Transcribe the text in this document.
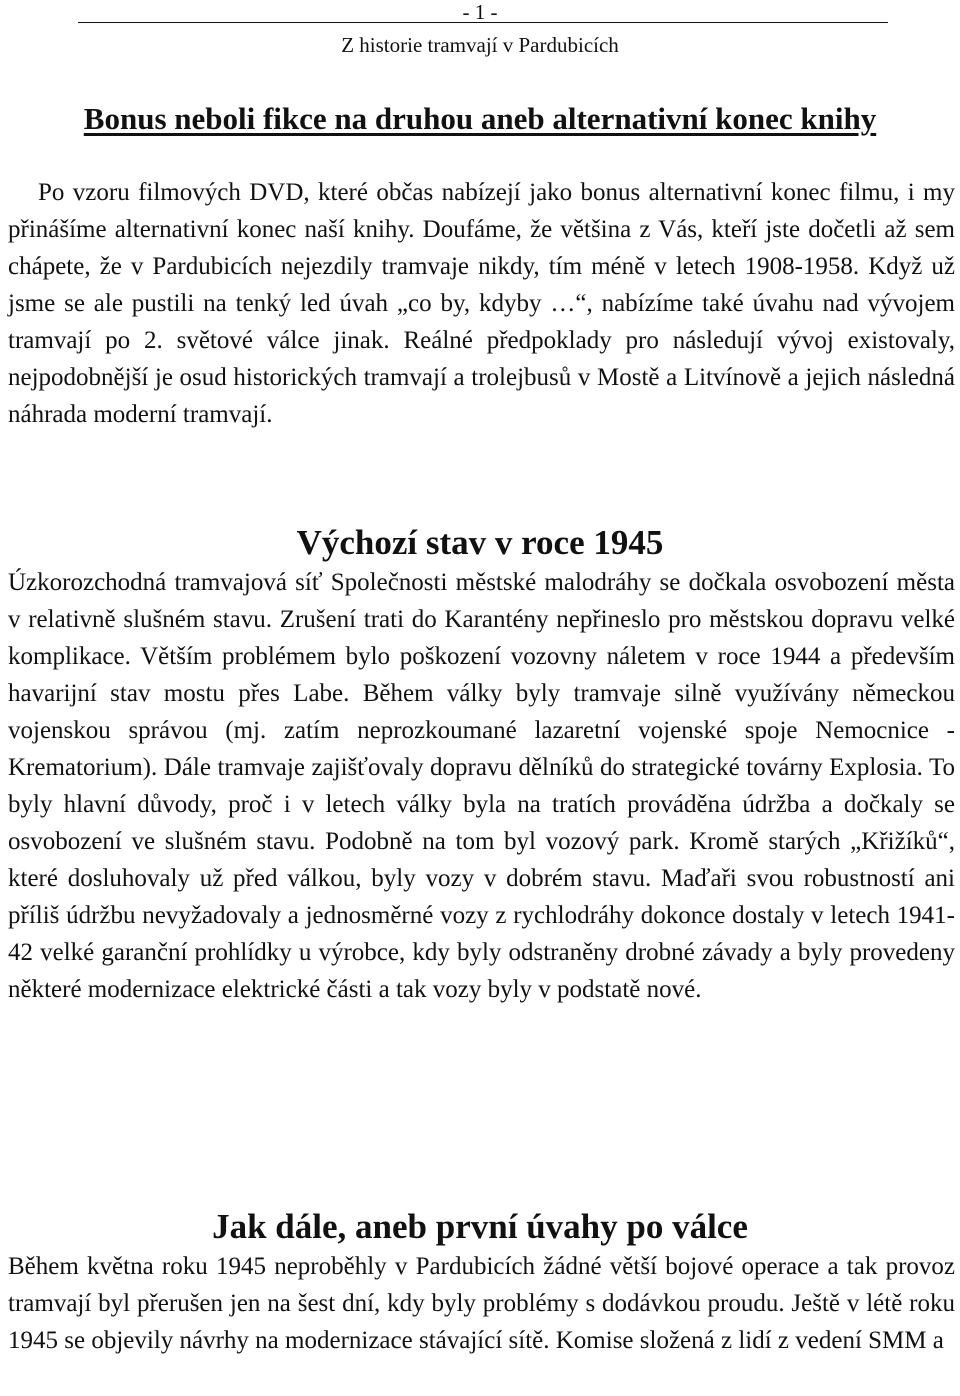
- 1 -
Z historie tramvají v Pardubicích
Bonus neboli fikce na druhou aneb alternativní konec knihy

Po vzoru filmových DVD, které občas nabízejí jako bonus alternativní konec filmu, i my přinášíme alternativní konec naší knihy. Doufáme, že většina z Vás, kteří jste dočetli až sem chápete, že v Pardubicích nejezdily tramvaje nikdy, tím méně v letech 1908-1958. Když už jsme se ale pustili na tenký led úvah „co by, kdyby …“, nabízíme také úvahu nad vývojem tramvají po 2. světové válce jinak. Reálné předpoklady pro následují vývoj existovaly, nejpodobnější je osud historických tramvají a trolejbusů v Mostě a Litvínově a jejich následná náhrada moderní tramvají.

Výchozí stav v roce 1945

Úzkorozchodná tramvajová síť Společnosti městské malodráhy se dočkala osvobození města v relativně slušném stavu. Zrušení trati do Karantény nepřineslo pro městskou dopravu velké komplikace. Větším problémem bylo poškození vozovny náletem v roce 1944 a především havarijní stav mostu přes Labe. Během války byly tramvaje silně využívány německou vojenskou správou (mj. zatím neprozkoumané lazaretní vojenské spoje Nemocnice - Krematorium). Dále tramvaje zajišťovaly dopravu dělníků do strategické továrny Explosia. To byly hlavní důvody, proč i v letech války byla na tratích prováděna údržba a dočkaly se osvobození ve slušném stavu. Podobně na tom byl vozový park. Kromě starých „Křižíků“, které dosluhovaly už před válkou, byly vozy v dobrém stavu. Maďaři svou robustností ani příliš údržbu nevyžadovaly a jednosměrné vozy z rychlodráhy dokonce dostaly v letech 1941-42 velké garanční prohlídky u výrobce, kdy byly odstraněny drobné závady a byly provedeny některé modernizace elektrické části a tak vozy byly v podstatě nové.

Jak dále, aneb první úvahy po válce

Během května roku 1945 neproběhly v Pardubicích žádné větší bojové operace a tak provoz tramvají byl přerušen jen na šest dní, kdy byly problémy s dodávkou proudu. Ještě v létě roku 1945 se objevily návrhy na modernizace stávající sítě. Komise složená z lidí z vedení SMM a
